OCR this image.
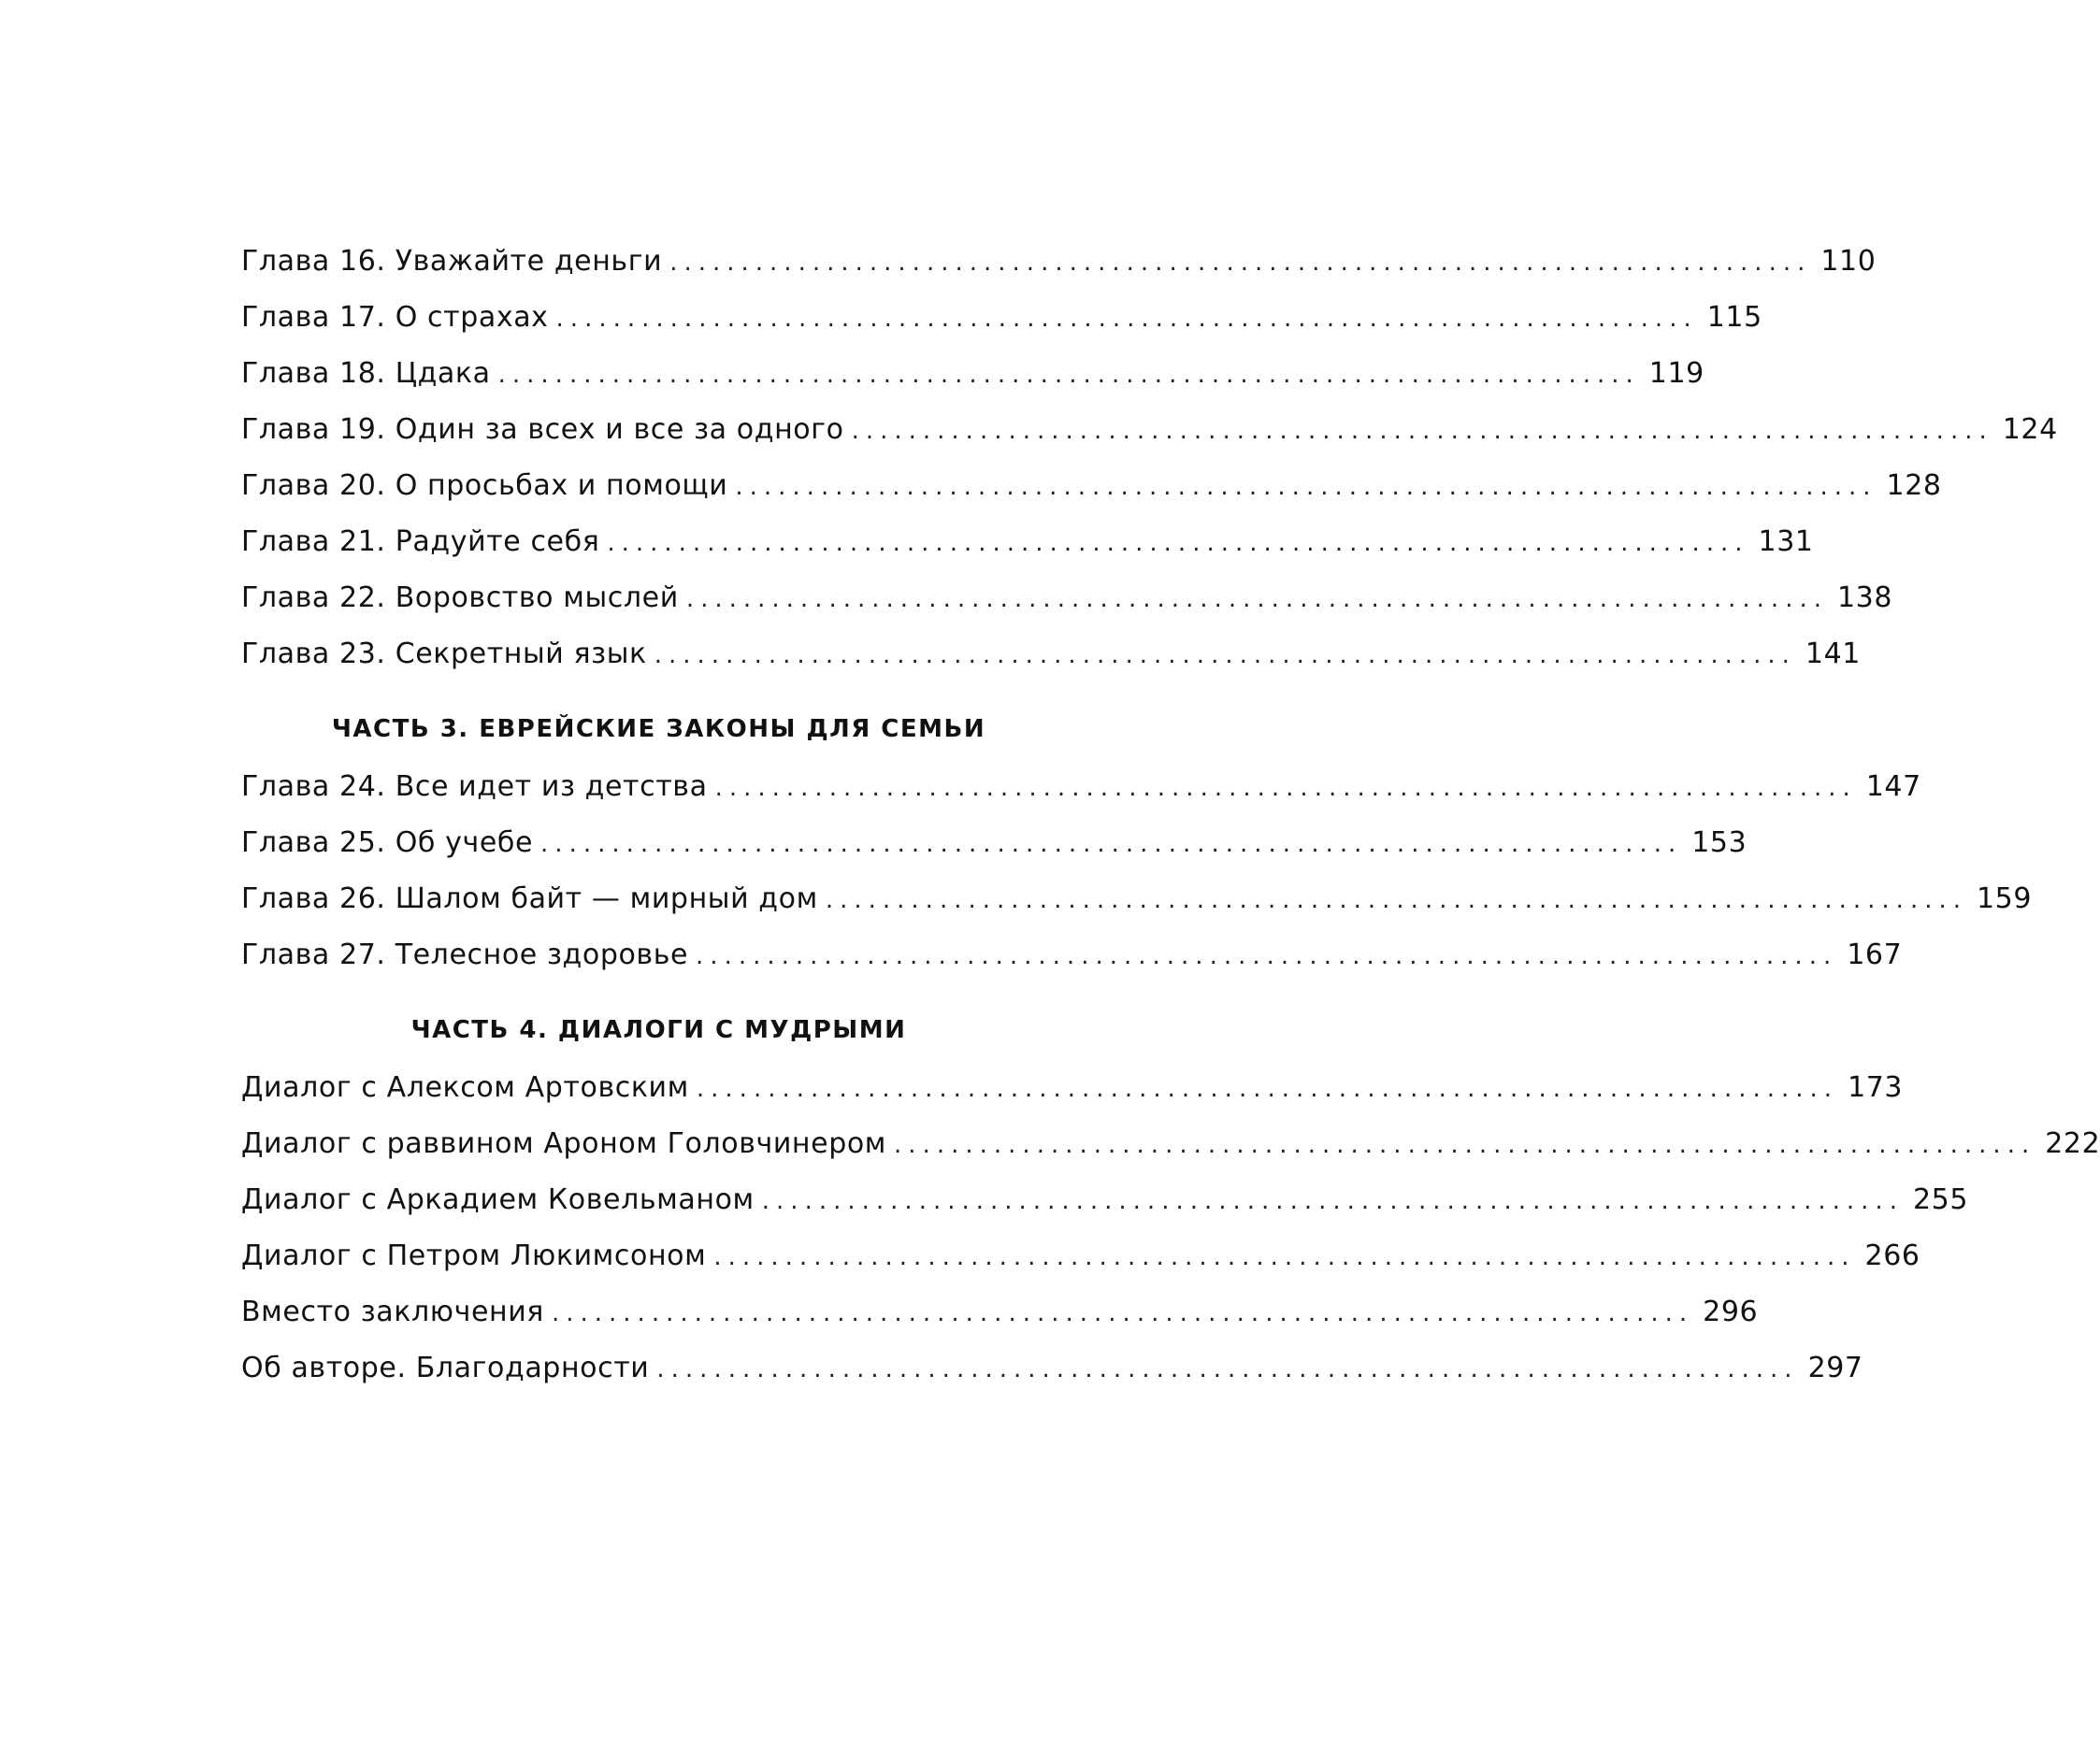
Глава 16. Уважайте деньги ................................................................................ 110
Глава 17. О страхах ................................................................................ 115
Глава 18. Цдака ................................................................................ 119
Глава 19. Один за всех и все за одного ................................................................................ 124
Глава 20. О просьбах и помощи ................................................................................ 128
Глава 21. Радуйте себя ................................................................................ 131
Глава 22. Воровство мыслей ................................................................................ 138
Глава 23. Секретный язык ................................................................................ 141
ЧАСТЬ 3. ЕВРЕЙСКИЕ ЗАКОНЫ ДЛЯ СЕМЬИ
Глава 24. Все идет из детства ................................................................................ 147
Глава 25. Об учебе ................................................................................ 153
Глава 26. Шалом байт — мирный дом ................................................................................ 159
Глава 27. Телесное здоровье ................................................................................ 167
ЧАСТЬ 4. ДИАЛОГИ С МУДРЫМИ
Диалог с Алексом Артовским ................................................................................ 173
Диалог с раввином Ароном Головчинером ................................................................................ 222
Диалог с Аркадием Ковельманом ................................................................................ 255
Диалог с Петром Люкимсоном ................................................................................ 266
Вместо заключения ................................................................................ 296
Об авторе. Благодарности ................................................................................ 297
